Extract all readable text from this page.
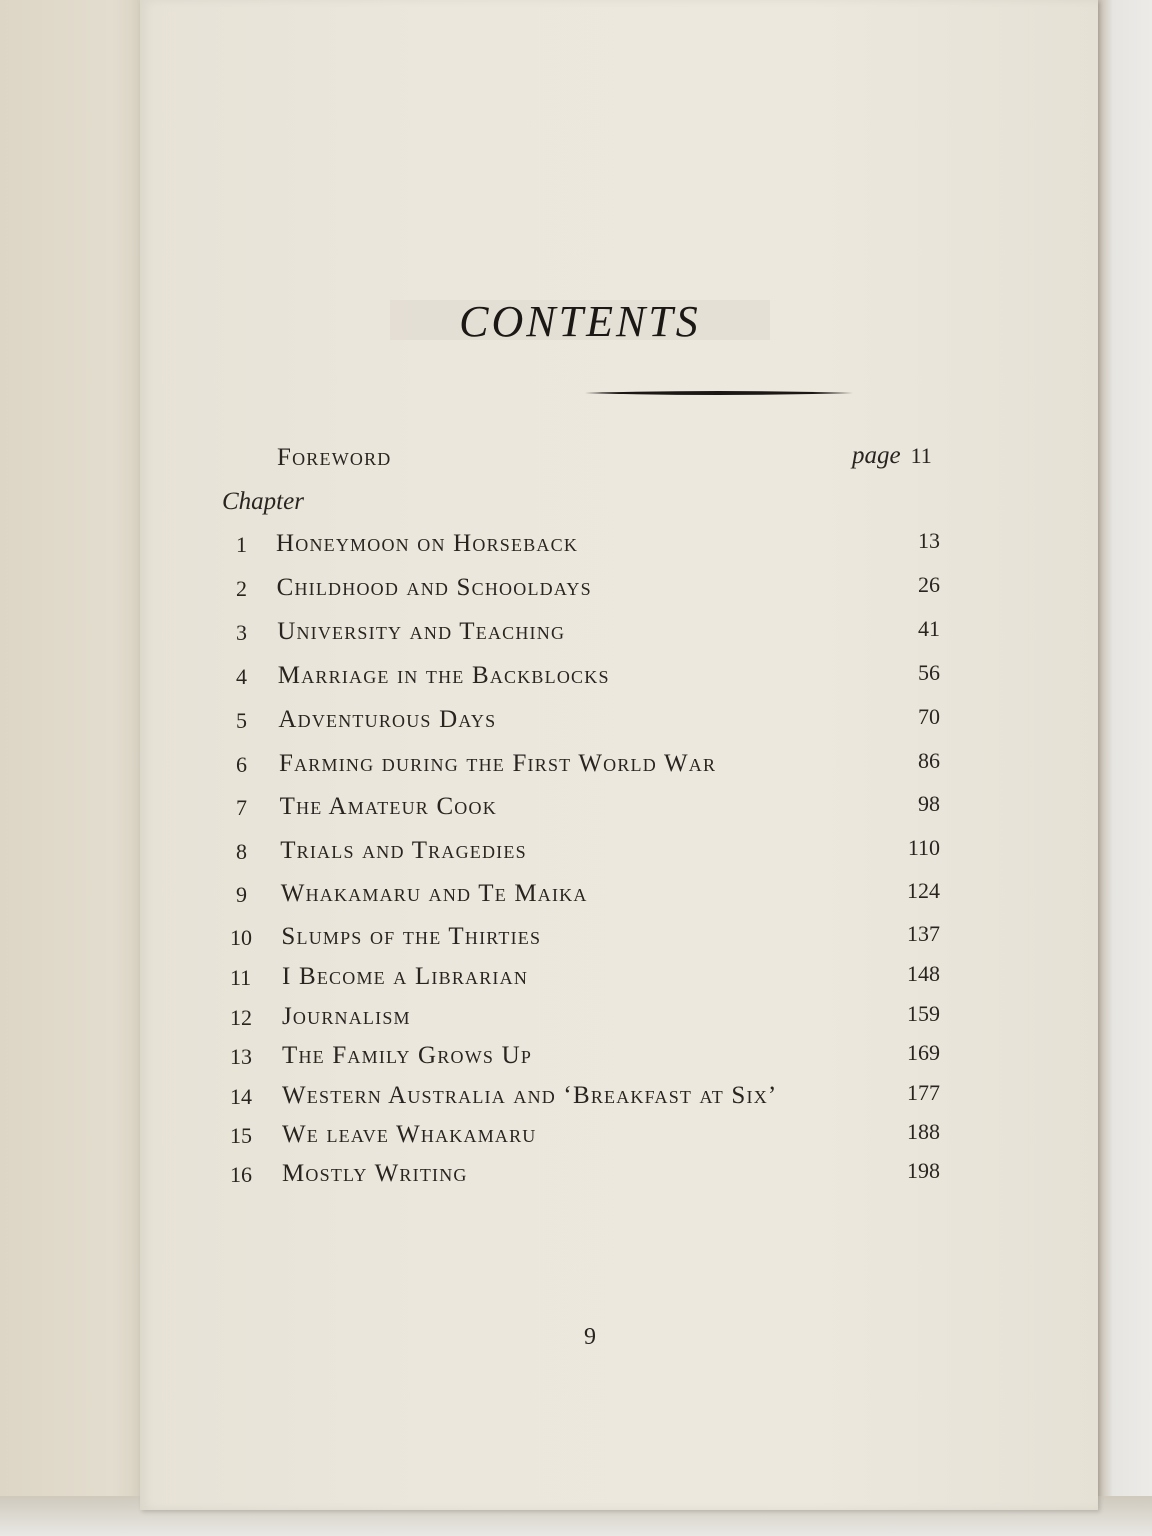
CONTENTS
Foreword	page 11
Chapter
1 Honeymoon on Horseback	13
2 Childhood and Schooldays	26
3 University and Teaching	41
4 Marriage in the Backblocks	56
5 Adventurous Days	70
6 Farming during the First World War	86
7 The Amateur Cook	98
8 Trials and Tragedies	110
9 Whakamaru and Te Maika	124
10 Slumps of the Thirties	137
11 I Become a Librarian	148
12 Journalism	159
13 The Family Grows Up	169
14 Western Australia and ‘Breakfast at Six’	177
15 We leave Whakamaru	188
16 Mostly Writing	198
9
